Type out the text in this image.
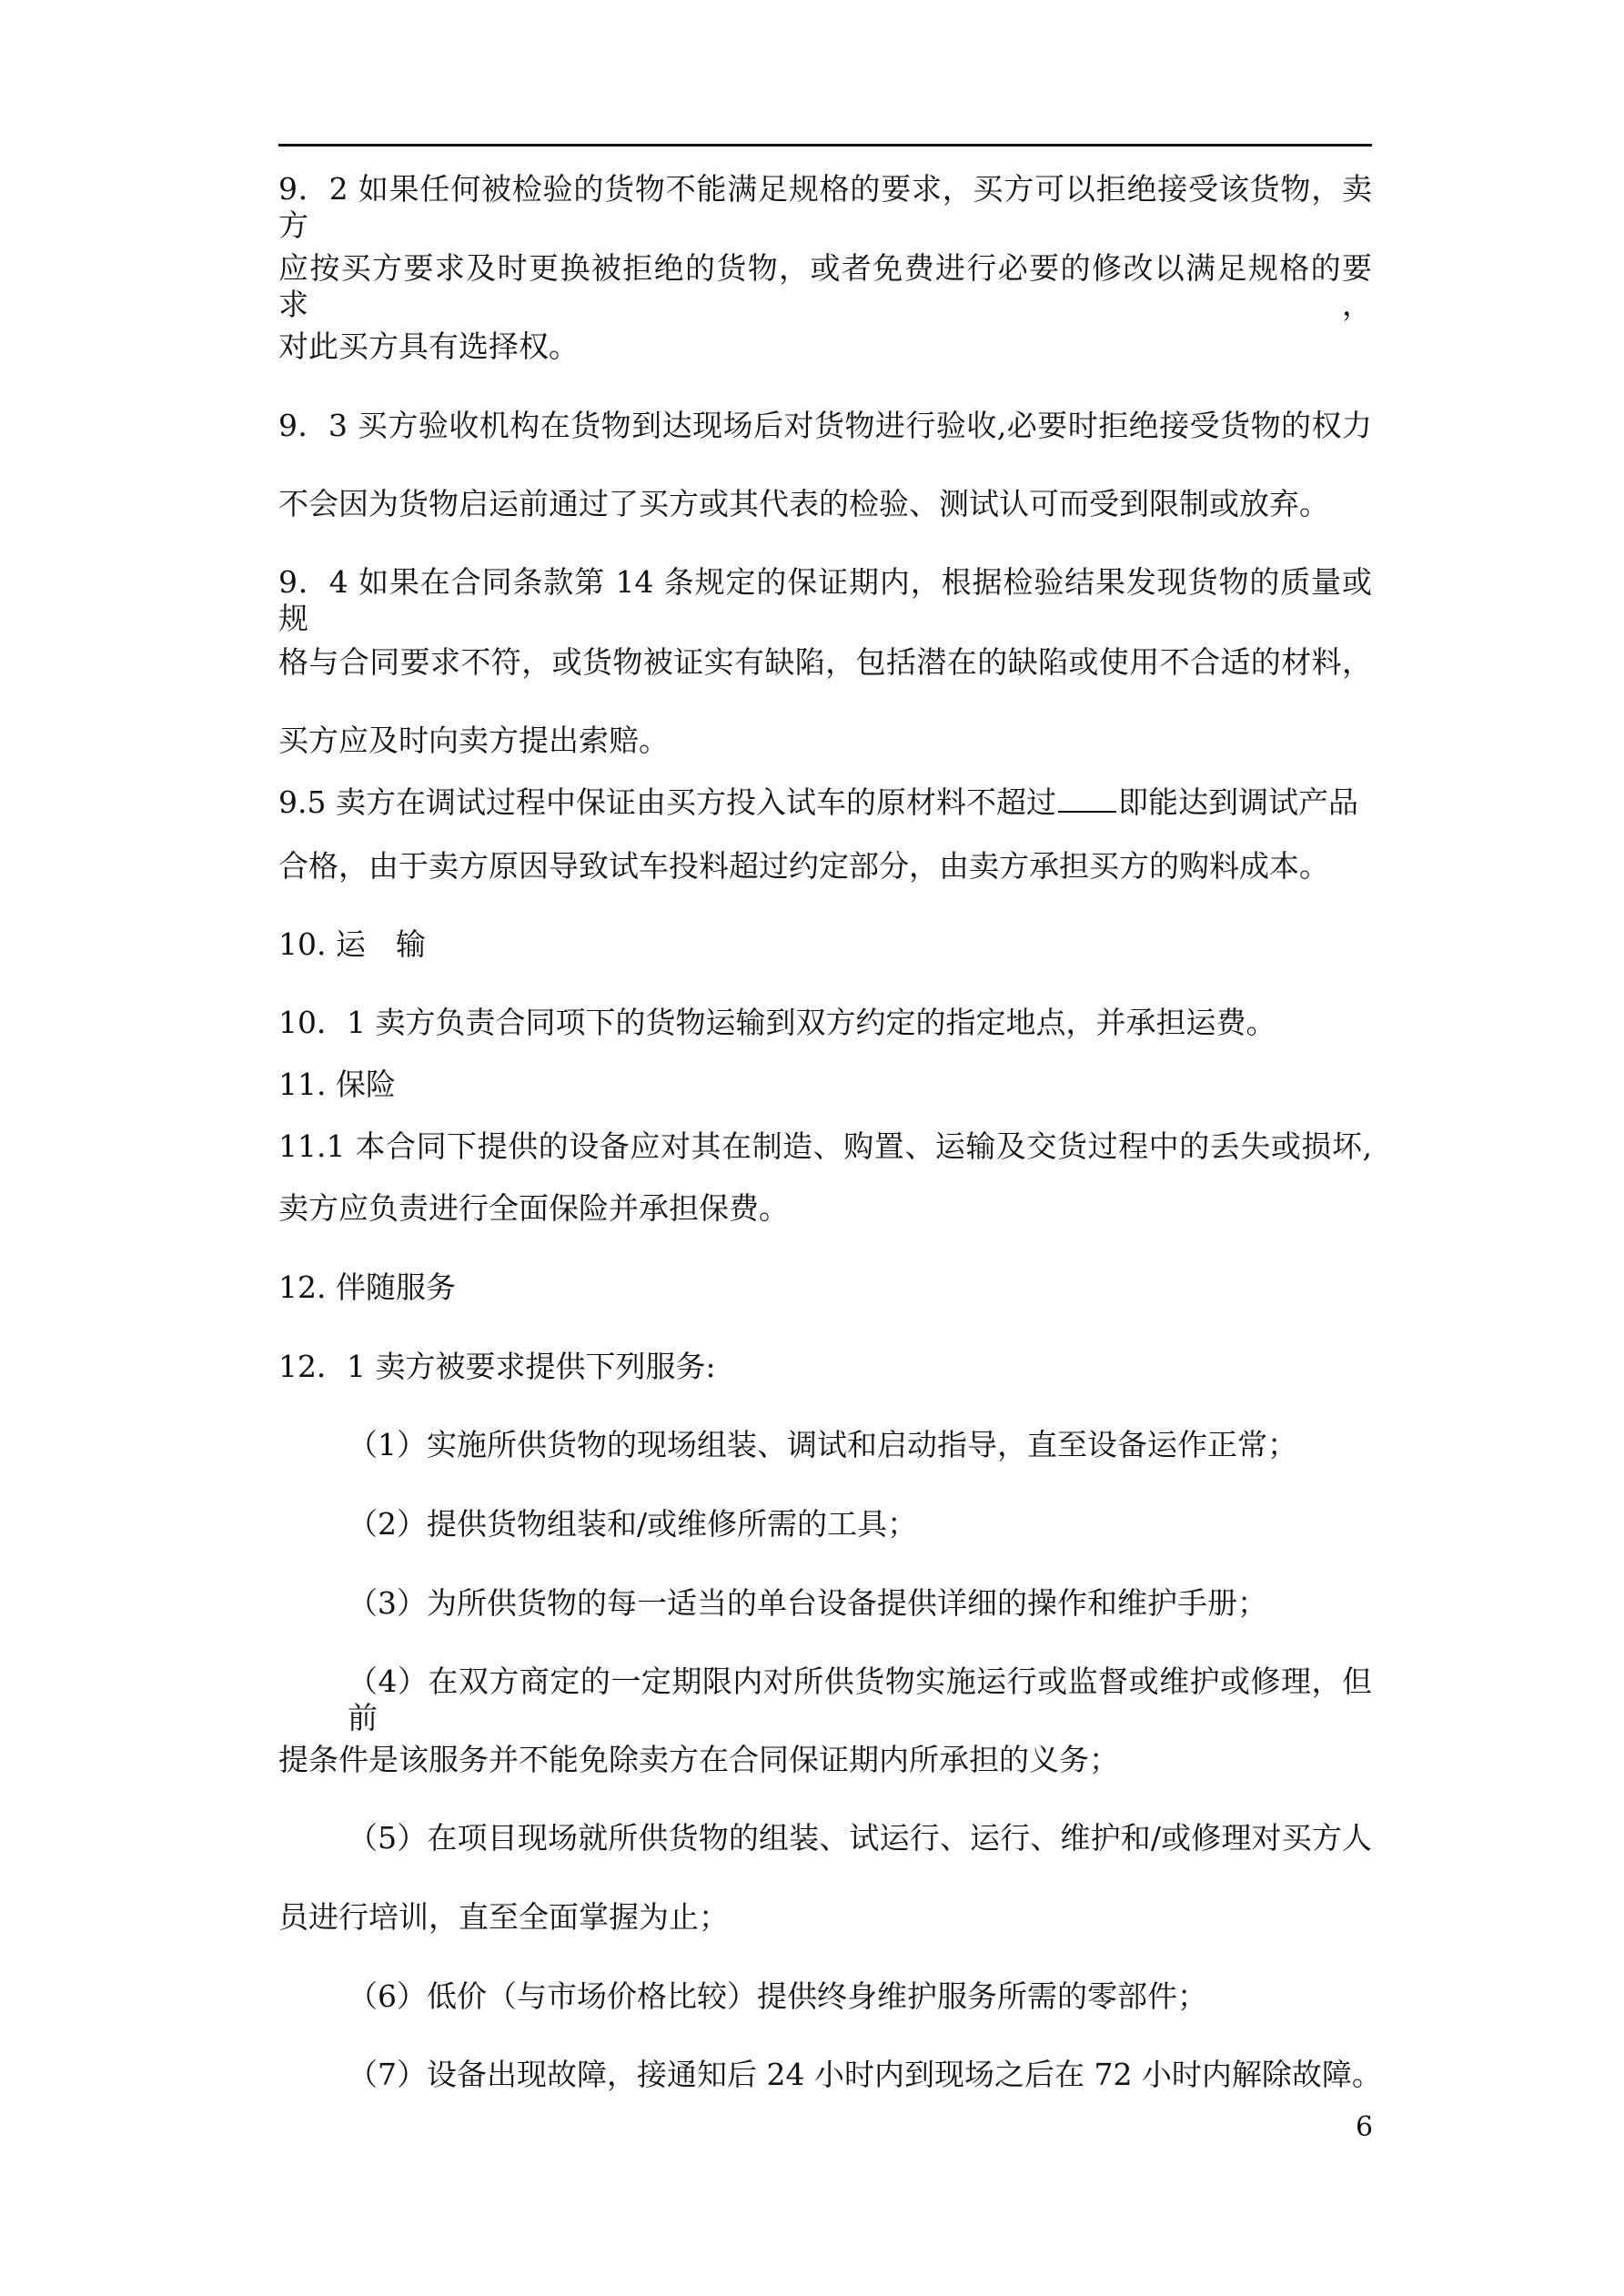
9．2 如果任何被检验的货物不能满足规格的要求，买方可以拒绝接受该货物，卖方
应按买方要求及时更换被拒绝的货物，或者免费进行必要的修改以满足规格的要求，
对此买方具有选择权。
9．3 买方验收机构在货物到达现场后对货物进行验收,必要时拒绝接受货物的权力
不会因为货物启运前通过了买方或其代表的检验、测试认可而受到限制或放弃。
9．4 如果在合同条款第 14 条规定的保证期内，根据检验结果发现货物的质量或规
格与合同要求不符，或货物被证实有缺陷，包括潜在的缺陷或使用不合适的材料，
买方应及时向卖方提出索赔。
9.5 卖方在调试过程中保证由买方投入试车的原材料不超过 即能达到调试产品
合格，由于卖方原因导致试车投料超过约定部分，由卖方承担买方的购料成本。
10. 运　输
10．1 卖方负责合同项下的货物运输到双方约定的指定地点，并承担运费。
11. 保险
11.1 本合同下提供的设备应对其在制造、购置、运输及交货过程中的丢失或损坏,
卖方应负责进行全面保险并承担保费。
12. 伴随服务
12．1 卖方被要求提供下列服务:
（1）实施所供货物的现场组装、调试和启动指导，直至设备运作正常；
（2）提供货物组装和/或维修所需的工具；
（3）为所供货物的每一适当的单台设备提供详细的操作和维护手册；
（4）在双方商定的一定期限内对所供货物实施运行或监督或维护或修理，但前
提条件是该服务并不能免除卖方在合同保证期内所承担的义务；
（5）在项目现场就所供货物的组装、试运行、运行、维护和/或修理对买方人
员进行培训，直至全面掌握为止；
（6）低价（与市场价格比较）提供终身维护服务所需的零部件；
（7）设备出现故障，接通知后 24 小时内到现场之后在 72 小时内解除故障。
6
